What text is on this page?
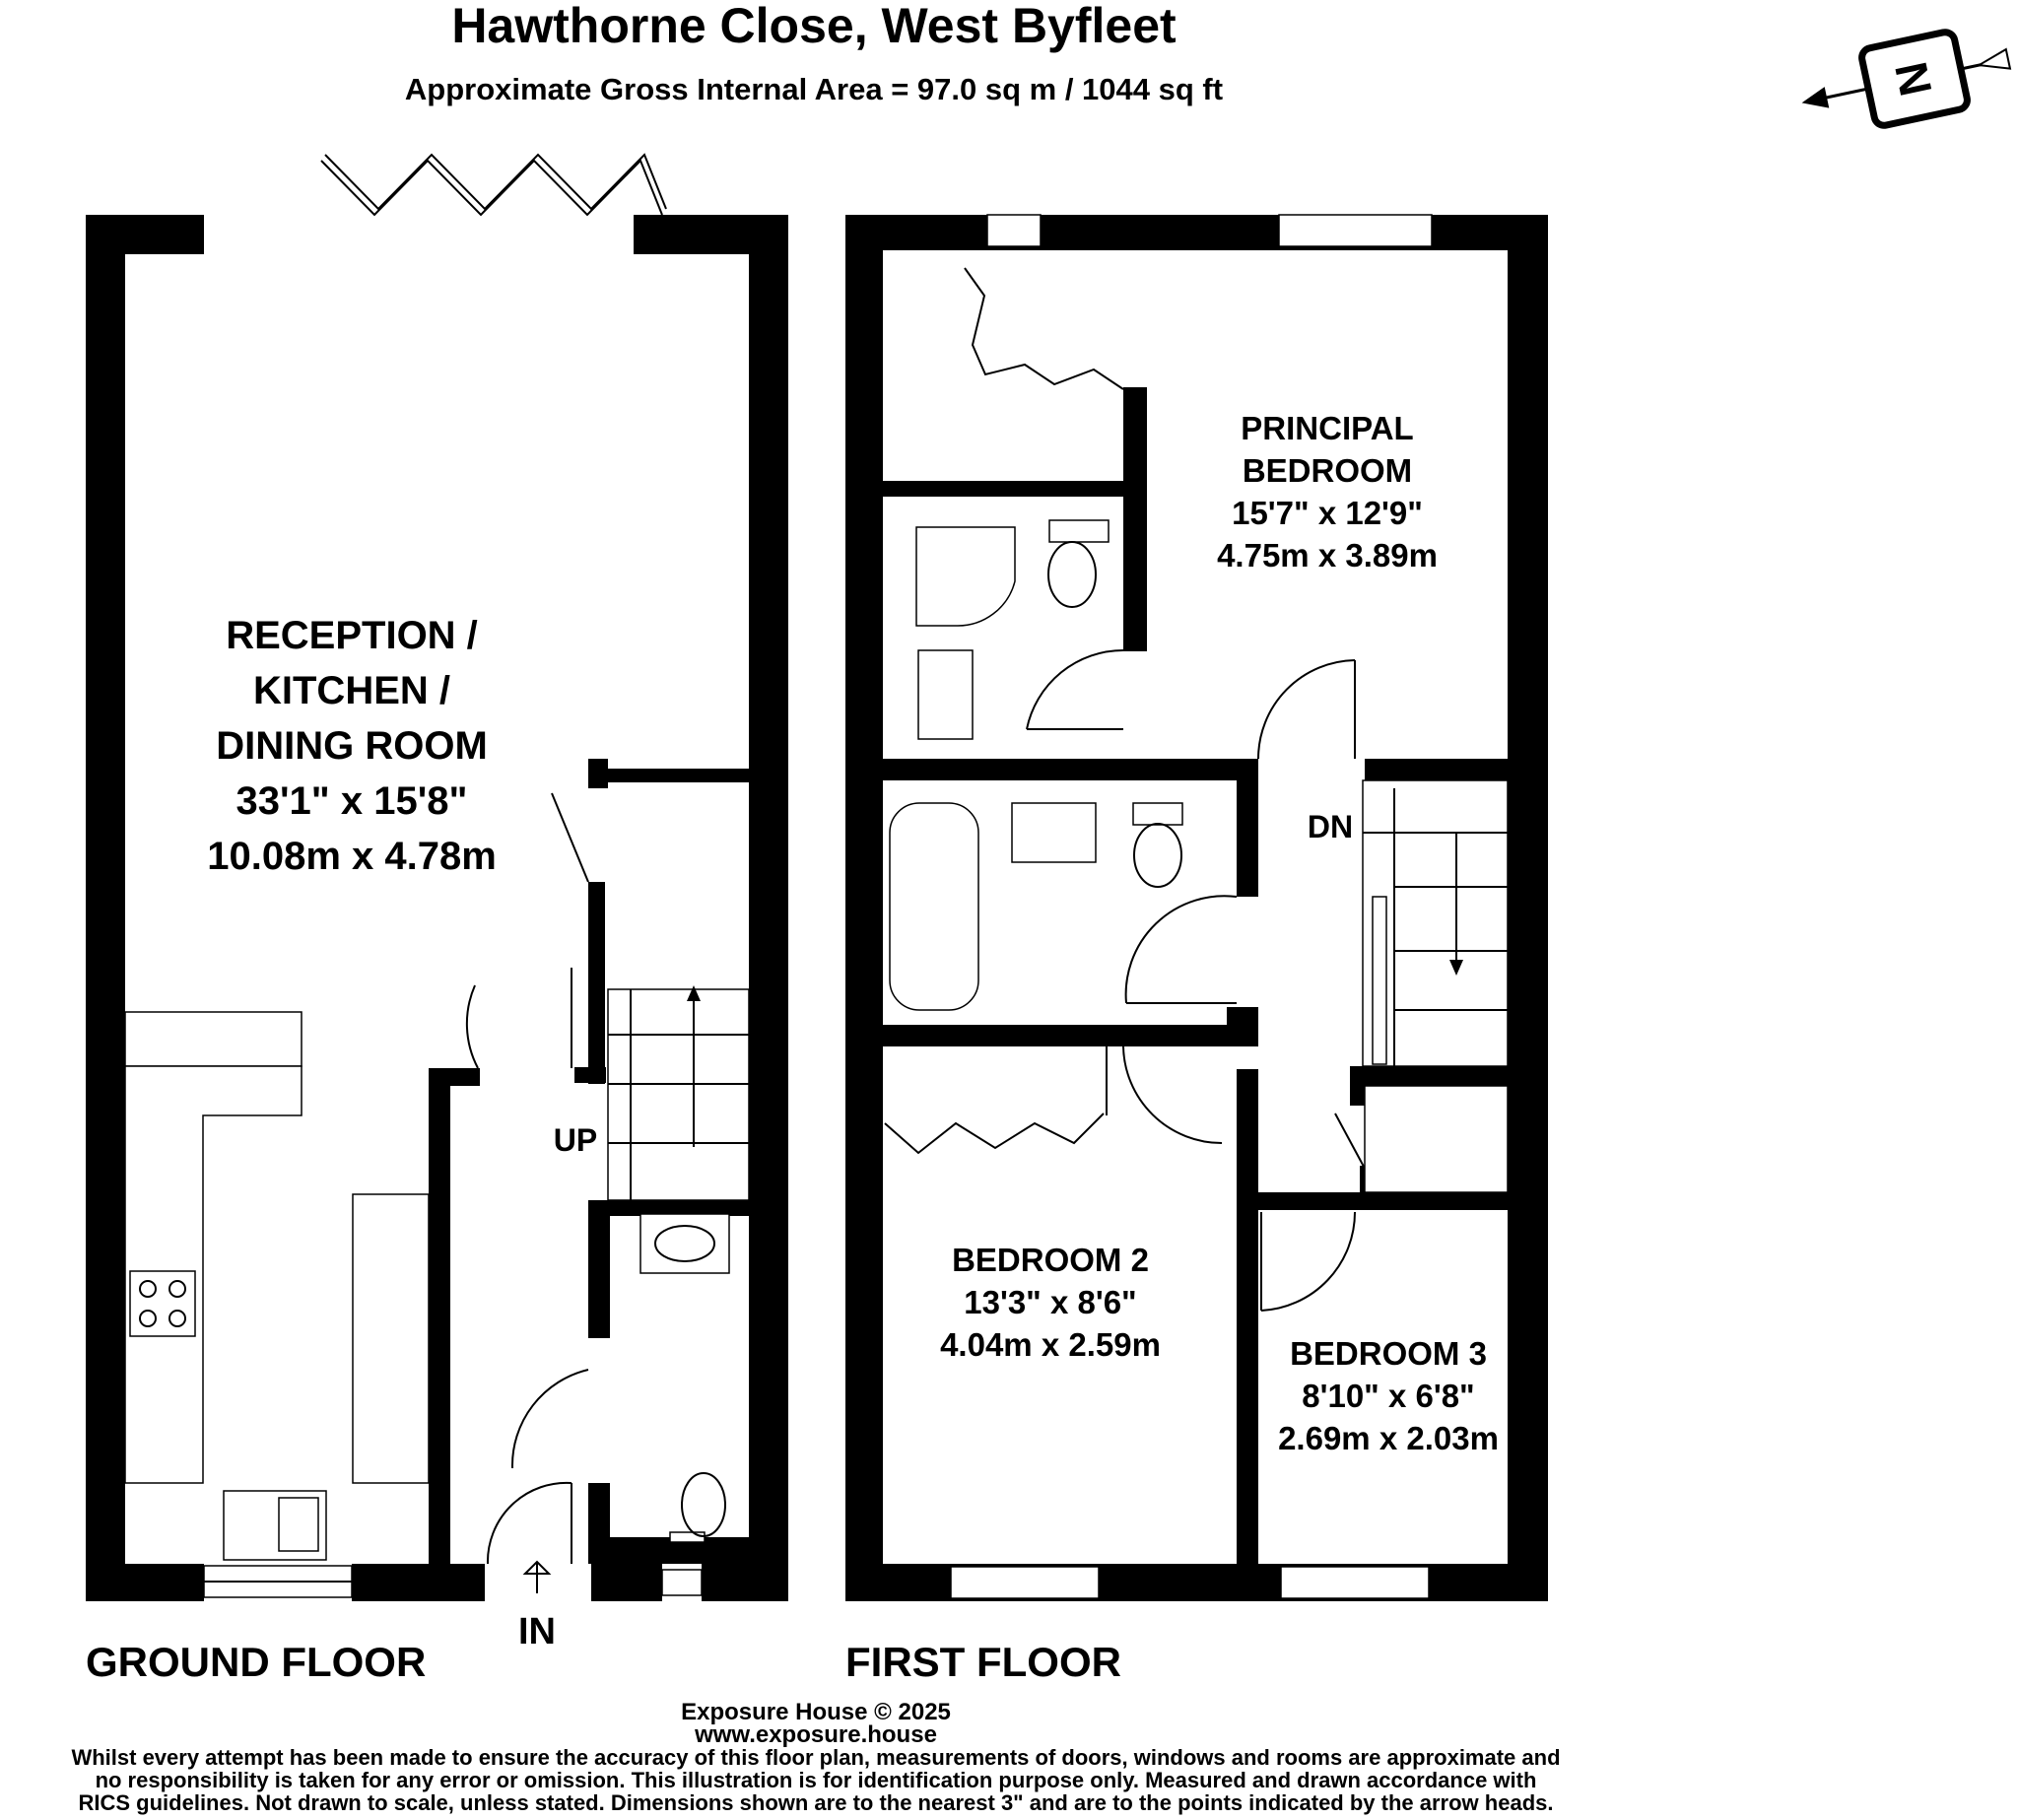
Hawthorne Close, West Byfleet
Approximate Gross Internal Area = 97.0 sq m / 1044 sq ft	N
RECEPTION /
KITCHEN /
DINING ROOM
33'1" x 15'8"
10.08m x 4.78m
UP
IN
PRINCIPAL
BEDROOM
15'7" x 12'9"
4.75m x 3.89m
DN
BEDROOM 2
13'3" x 8'6"
4.04m x 2.59m	BEDROOM 3
8'10" x 6'8"
2.69m x 2.03m
GROUND FLOOR	FIRST FLOOR
Exposure House © 2025
www.exposure.house
Whilst every attempt has been made to ensure the accuracy of this floor plan, measurements of doors, windows and rooms are approximate and
no responsibility is taken for any error or omission. This illustration is for identification purpose only. Measured and drawn accordance with
RICS guidelines. Not drawn to scale, unless stated. Dimensions shown are to the nearest 3" and are to the points indicated by the arrow heads.
